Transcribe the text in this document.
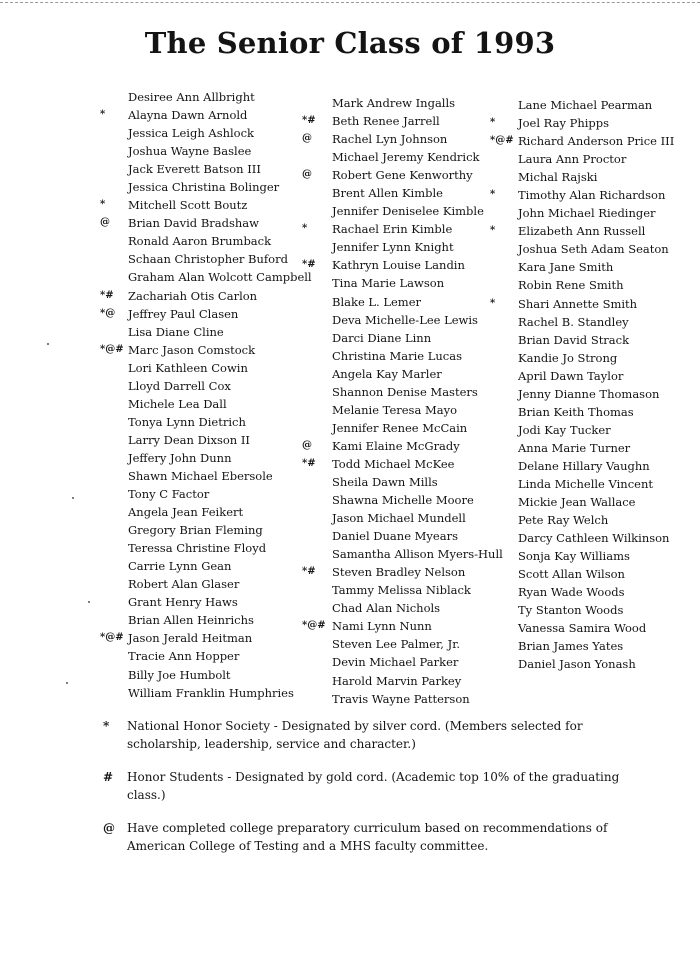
The Senior Class of 1993
Desiree Ann Allbright
* Alayna Dawn Arnold
Jessica Leigh Ashlock
Joshua Wayne Baslee
Jack Everett Batson III
Jessica Christina Bolinger
* Mitchell Scott Boutz
@ Brian David Bradshaw
Ronald Aaron Brumback
Schaan Christopher Buford
Graham Alan Wolcott Campbell
*# Zachariah Otis Carlon
*@ Jeffrey Paul Clasen
Lisa Diane Cline
*@# Marc Jason Comstock
Lori Kathleen Cowin
Lloyd Darrell Cox
Michele Lea Dall
Tonya Lynn Dietrich
Larry Dean Dixson II
Jeffery John Dunn
Shawn Michael Ebersole
Tony C Factor
Angela Jean Feikert
Gregory Brian Fleming
Teressa Christine Floyd
Carrie Lynn Gean
Robert Alan Glaser
Grant Henry Haws
Brian Allen Heinrichs
*@# Jason Jerald Heitman
Tracie Ann Hopper
Billy Joe Humbolt
William Franklin Humphries
Mark Andrew Ingalls
*# Beth Renee Jarrell
@ Rachel Lyn Johnson
Michael Jeremy Kendrick
@ Robert Gene Kenworthy
Brent Allen Kimble
Jennifer Deniselee Kimble
* Rachael Erin Kimble
Jennifer Lynn Knight
*# Kathryn Louise Landin
Tina Marie Lawson
Blake L. Lemer
Deva Michelle-Lee Lewis
Darci Diane Linn
Christina Marie Lucas
Angela Kay Marler
Shannon Denise Masters
Melanie Teresa Mayo
Jennifer Renee McCain
@ Kami Elaine McGrady
*# Todd Michael McKee
Sheila Dawn Mills
Shawna Michelle Moore
Jason Michael Mundell
Daniel Duane Myears
Samantha Allison Myers-Hull
*# Steven Bradley Nelson
Tammy Melissa Niblack
Chad Alan Nichols
*@# Nami Lynn Nunn
Steven Lee Palmer, Jr.
Devin Michael Parker
Harold Marvin Parkey
Travis Wayne Patterson
Lane Michael Pearman
* Joel Ray Phipps
*@# Richard Anderson Price III
Laura Ann Proctor
Michal Rajski
* Timothy Alan Richardson
John Michael Riedinger
* Elizabeth Ann Russell
Joshua Seth Adam Seaton
Kara Jane Smith
Robin Rene Smith
* Shari Annette Smith
Rachel B. Standley
Brian David Strack
Kandie Jo Strong
April Dawn Taylor
Jenny Dianne Thomason
Brian Keith Thomas
Jodi Kay Tucker
Anna Marie Turner
Delane Hillary Vaughn
Linda Michelle Vincent
Mickie Jean Wallace
Pete Ray Welch
Darcy Cathleen Wilkinson
Sonja Kay Williams
Scott Allan Wilson
Ryan Wade Woods
Ty Stanton Woods
Vanessa Samira Wood
Brian James Yates
Daniel Jason Yonash
* National Honor Society - Designated by silver cord. (Members selected for scholarship, leadership, service and character.)
# Honor Students - Designated by gold cord. (Academic top 10% of the graduating class.)
@ Have completed college preparatory curriculum based on recommendations of American College of Testing and a MHS faculty committee.
